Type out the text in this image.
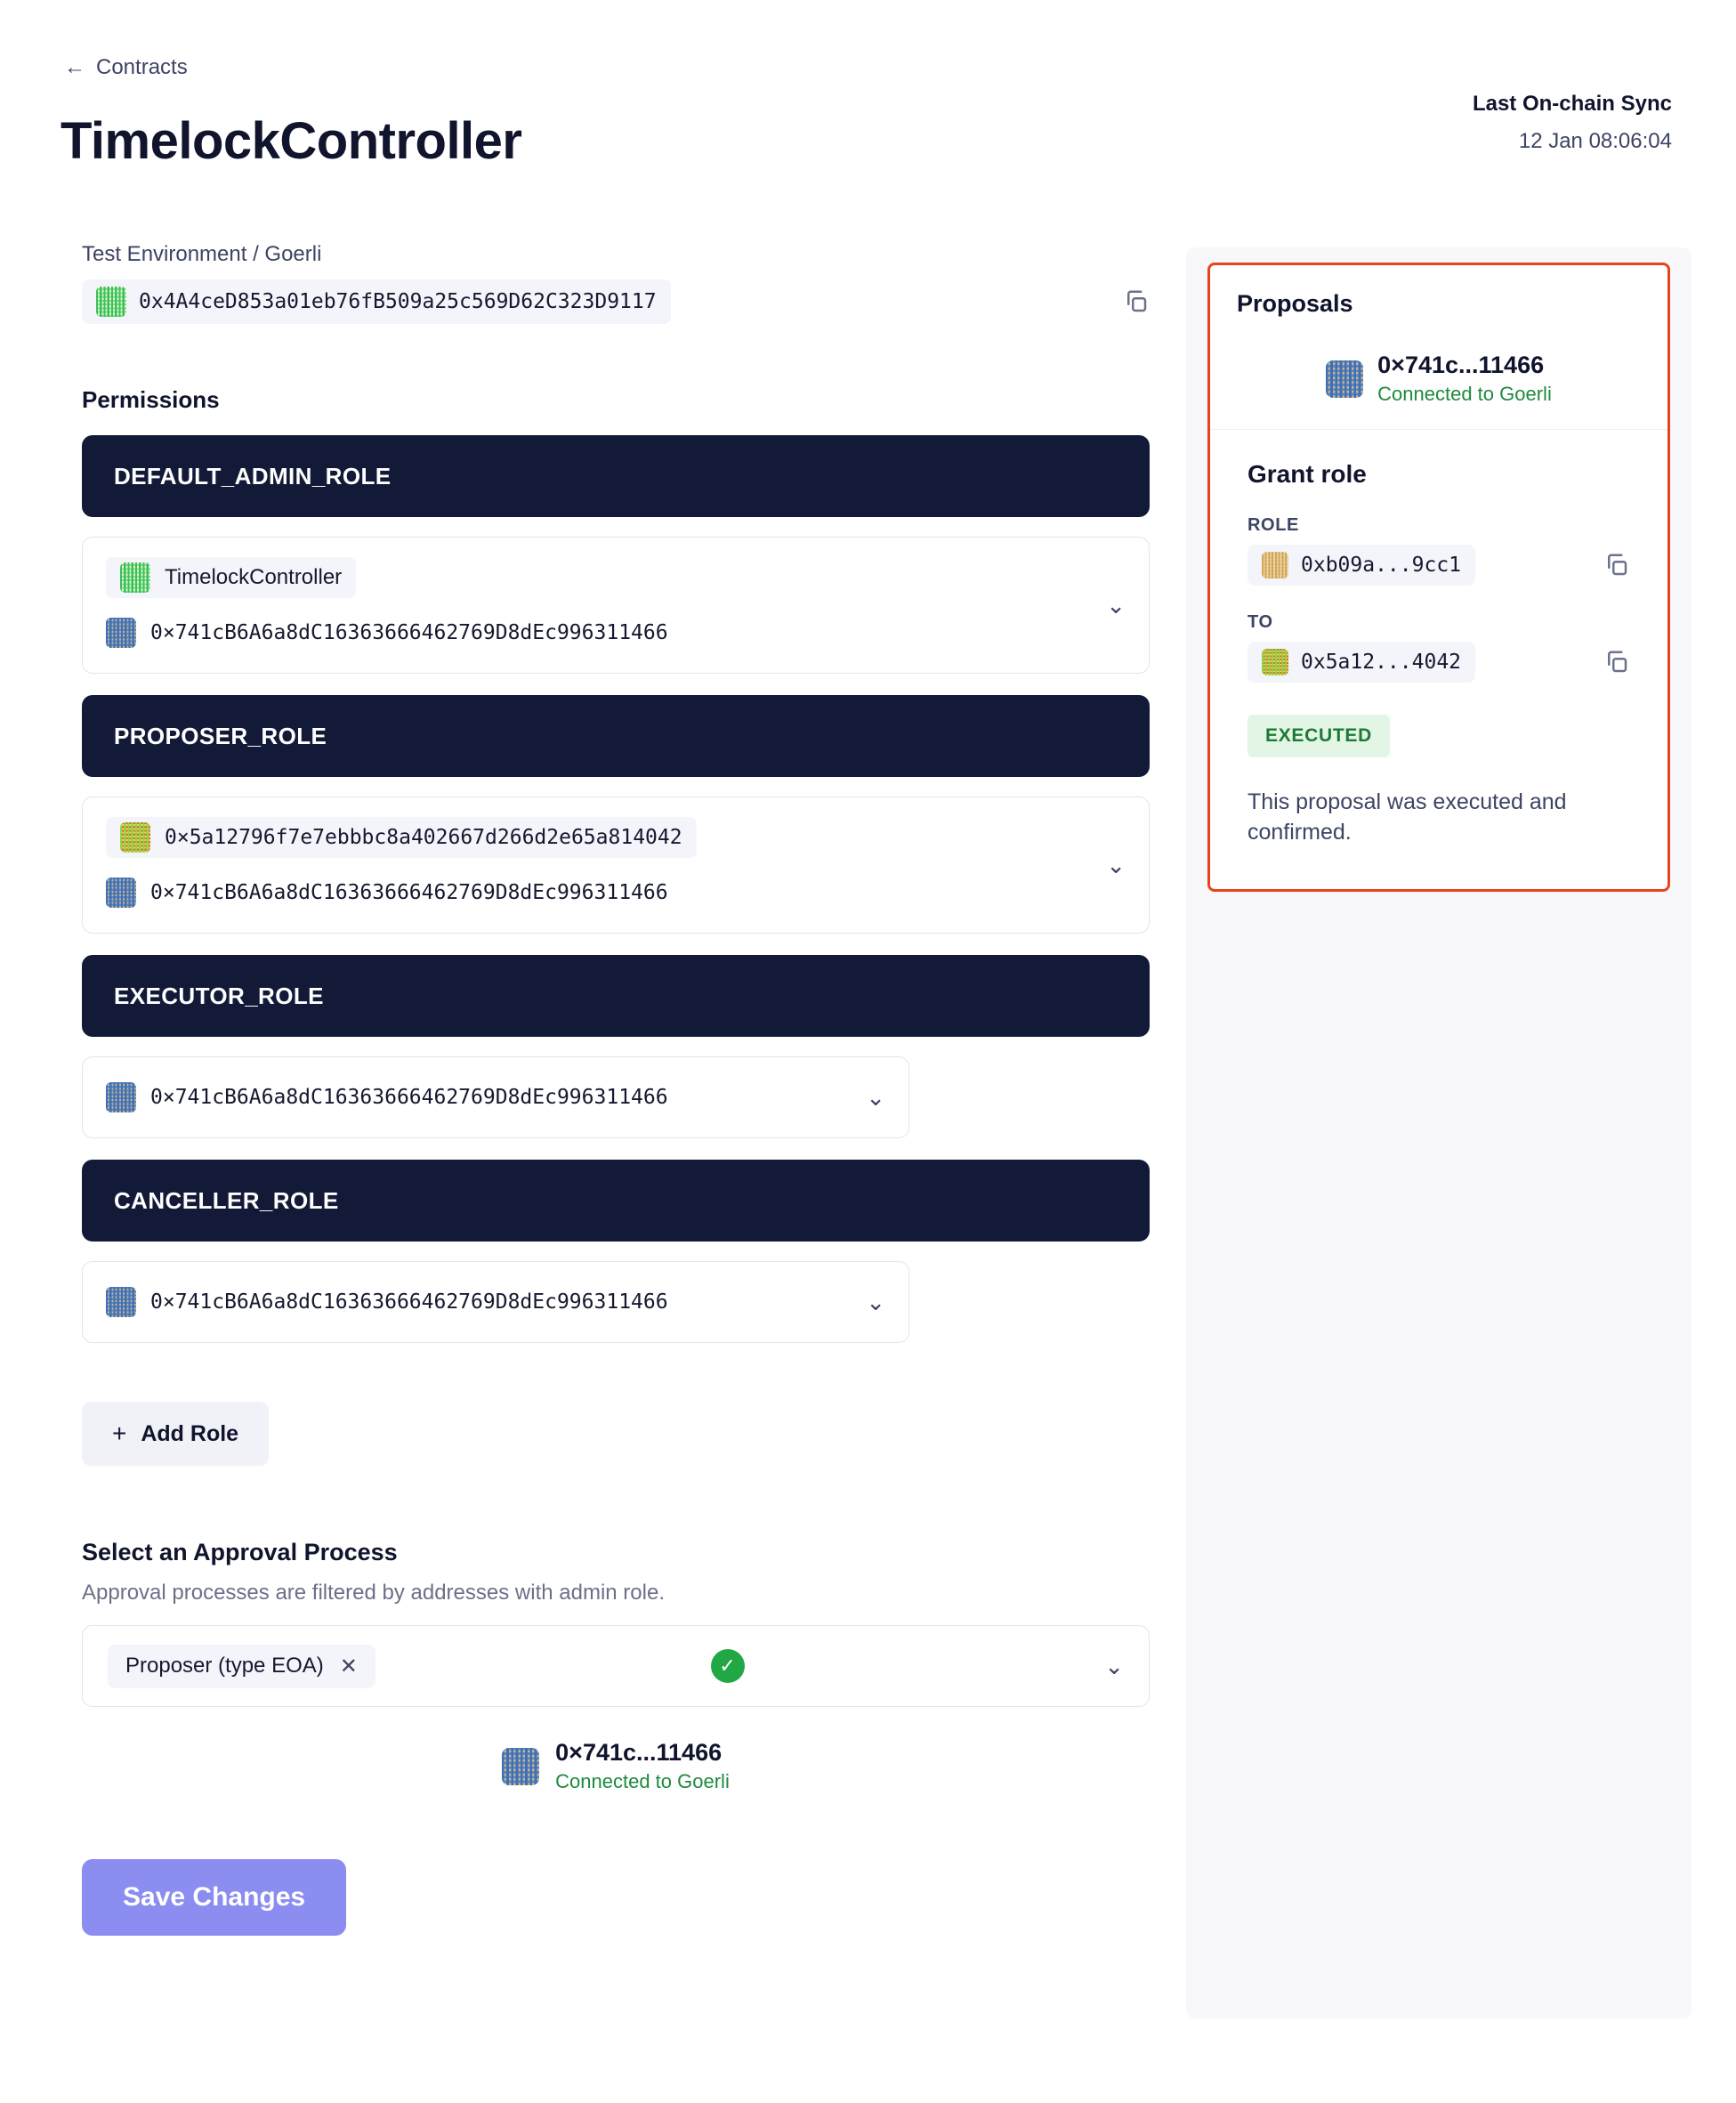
← Contracts
TimelockController
Last On-chain Sync
12 Jan 08:06:04
Test Environment / Goerli
0x4A4ceD853a01eb76fB509a25c569D62C323D9117
Permissions
DEFAULT_ADMIN_ROLE
TimelockController
0×741cB6A6a8dC16363666462769D8dEc996311466
⌄
PROPOSER_ROLE
0×5a12796f7e7ebbbc8a402667d266d2e65a814042
0×741cB6A6a8dC16363666462769D8dEc996311466
⌄
EXECUTOR_ROLE
0×741cB6A6a8dC16363666462769D8dEc996311466	⌄
CANCELLER_ROLE
0×741cB6A6a8dC16363666462769D8dEc996311466	⌄
+ Add Role
Select an Approval Process
Approval processes are filtered by addresses with admin role.
Proposer (type EOA) ✕	✓	⌄
0×741c...11466
Connected to Goerli
Save Changes
Proposals
0×741c...11466
Connected to Goerli
Grant role
ROLE
0xb09a...9cc1
TO
0x5a12...4042
EXECUTED
This proposal was executed and confirmed.
